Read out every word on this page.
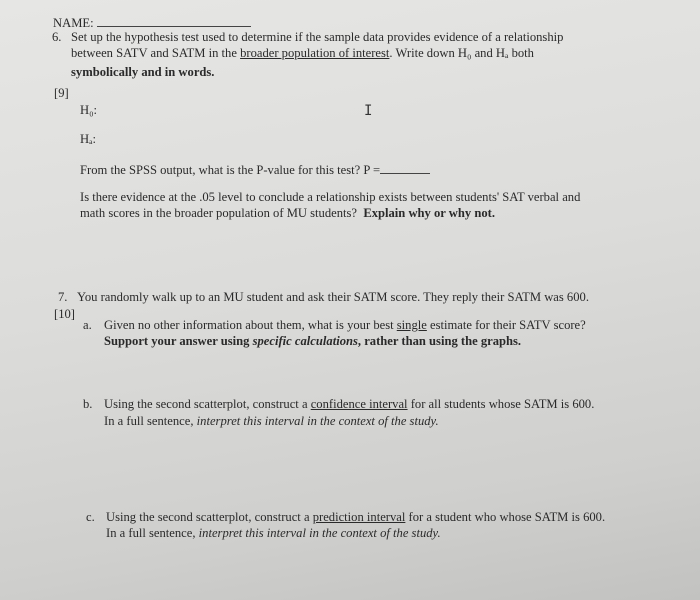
NAME:
6. Set up the hypothesis test used to determine if the sample data provides evidence of a relationship
between SATV and SATM in the broader population of interest. Write down H₀ and Hₐ both
symbolically and in words.
[9]
H₀:	I
Hₐ:
From the SPSS output, what is the P-value for this test? P =
Is there evidence at the .05 level to conclude a relationship exists between students' SAT verbal and
math scores in the broader population of MU students? Explain why or why not.
7. You randomly walk up to an MU student and ask their SATM score. They reply their SATM was 600.
[10]
a. Given no other information about them, what is your best single estimate for their SATV score?
Support your answer using specific calculations, rather than using the graphs.
b. Using the second scatterplot, construct a confidence interval for all students whose SATM is 600.
In a full sentence, interpret this interval in the context of the study.
c. Using the second scatterplot, construct a prediction interval for a student who whose SATM is 600.
In a full sentence, interpret this interval in the context of the study.
